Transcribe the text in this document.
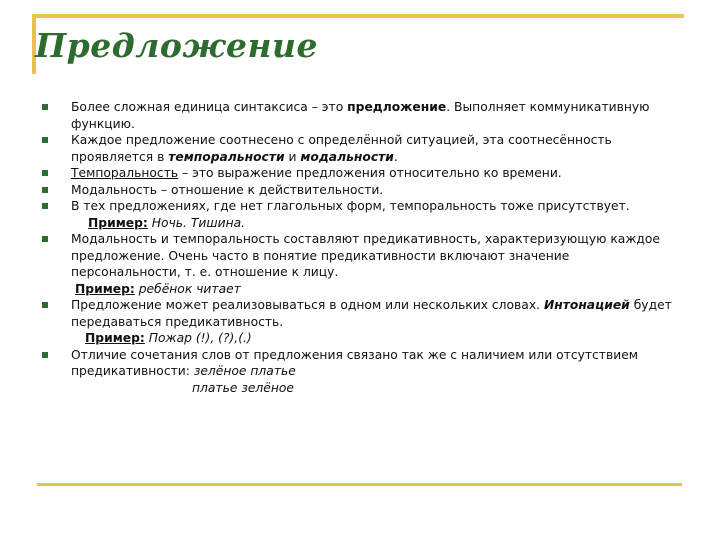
Предложение
Более сложная единица синтаксиса – это предложение. Выполняет коммуникативную функцию.
Каждое предложение соотнесено с определённой ситуацией, эта соотнесённость проявляется в темпоральности и модальности.
Темпоральность – это выражение предложения относительно ко времени.
Модальность – отношение к действительности.
В тех предложениях, где нет глагольных форм, темпоральность тоже присутствует.
Пример: Ночь. Тишина.
Модальность и темпоральность составляют предикативность, характеризующую каждое предложение. Очень часто в понятие предикативности включают значение персональности, т. е. отношение к лицу.
Пример: ребёнок читает
Предложение может реализовываться в одном или нескольких словах. Интонацией будет передаваться предикативность.
Пример: Пожар (!), (?),(.)
Отличие сочетания слов от предложения связано так же с наличием или отсутствием предикативности: зелёное платье
платье зелёное
